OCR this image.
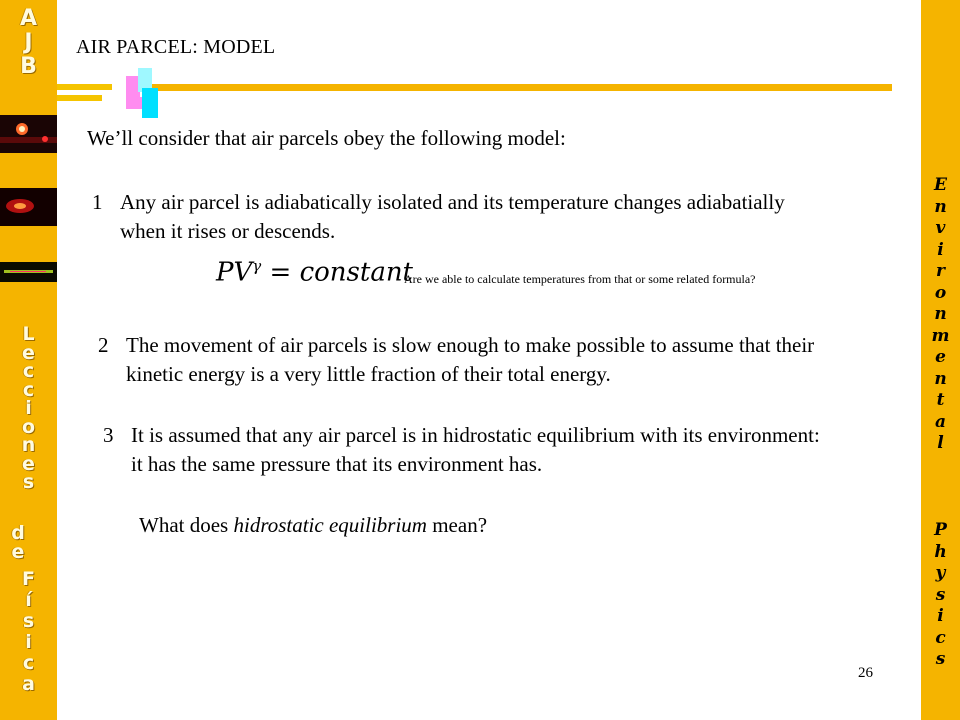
A
J
B
L
e
c
c
i
o
n
e
s
d
e
F
í
s
i
c
a
E
n
v
i
r
o
n
m
e
n
t
a
l
P
h
y
s
i
c
s
AIR PARCEL: MODEL
We’ll consider that air parcels obey the following model:
1 Any air parcel is adiabatically isolated and its temperature changes adiabatially
when it rises or descends.
$PV^\gamma$ = constant
Are we able to calculate temperatures from that or some related formula?
2 The movement of air parcels is slow enough to make possible to assume that their
kinetic energy is a very little fraction of their total energy.
3 It is assumed that any air parcel is in hidrostatic equilibrium with its environment:
it has the same pressure that its environment has.
What does hidrostatic equilibrium mean?
26
